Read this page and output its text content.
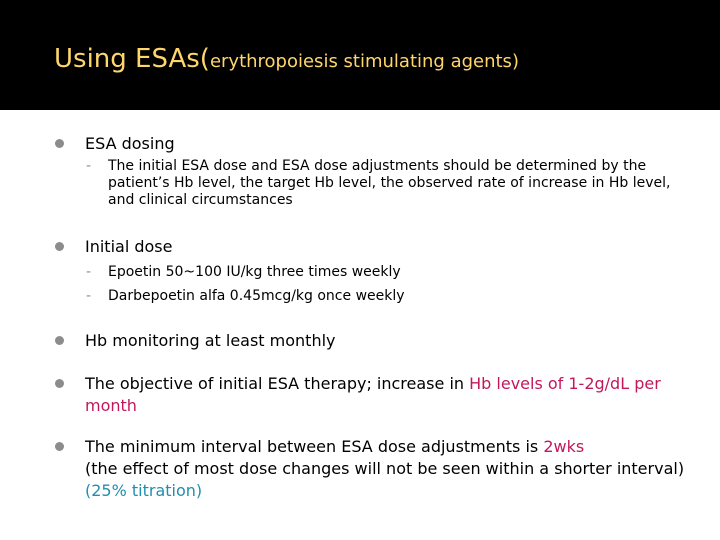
Using ESAs(erythropoiesis stimulating agents)
ESA dosing
- The initial ESA dose and ESA dose adjustments should be determined by the patient’s Hb level, the target Hb level, the observed rate of increase in Hb level, and clinical circumstances
Initial dose
- Epoetin 50~100 IU/kg three times weekly
- Darbepoetin alfa 0.45mcg/kg once weekly
Hb monitoring at least monthly
The objective of initial ESA therapy; increase in Hb levels of 1-2g/dL per month
The minimum interval between ESA dose adjustments is 2wks
(the effect of most dose changes will not be seen within a shorter interval) (25% titration)
